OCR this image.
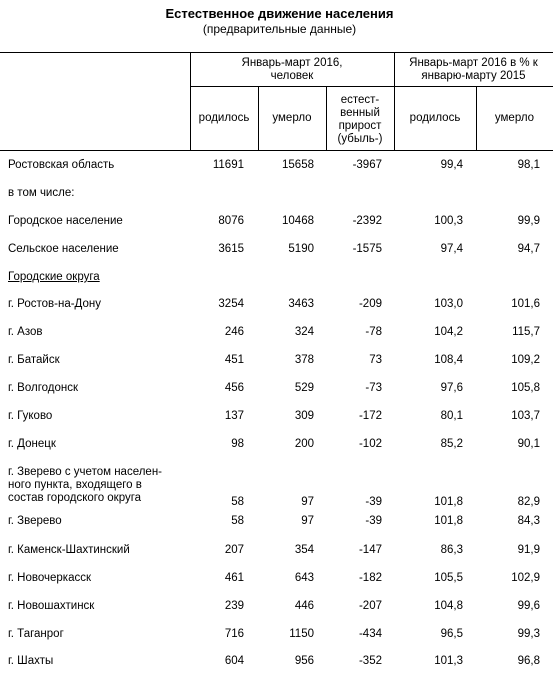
Естественное движение населения
(предварительные данные)
Январь-март 2016,
человек
Январь-март 2016 в % к
январю-марту 2015
родилось	умерло
естест-
венный
прирост
(убыль-)
родилось	умерло
Ростовская область	11691	15658	-3967	99,4	98,1
в том числе:
Городское население	8076	10468	-2392	100,3	99,9
Сельское население	3615	5190	-1575	97,4	94,7
Городские округа
г. Ростов-на-Дону	3254	3463	-209	103,0	101,6
г. Азов	246	324	-78	104,2	115,7
г. Батайск	451	378	73	108,4	109,2
г. Волгодонск	456	529	-73	97,6	105,8
г. Гуково	137	309	-172	80,1	103,7
г. Донецк	98	200	-102	85,2	90,1
г. Зверево с учетом населен-
ного пункта, входящего в
состав городского округа	58	97	-39	101,8	82,9
г. Зверево	58	97	-39	101,8	84,3
г. Каменск-Шахтинский	207	354	-147	86,3	91,9
г. Новочеркасск	461	643	-182	105,5	102,9
г. Новошахтинск	239	446	-207	104,8	99,6
г. Таганрог	716	1150	-434	96,5	99,3
г. Шахты	604	956	-352	101,3	96,8
